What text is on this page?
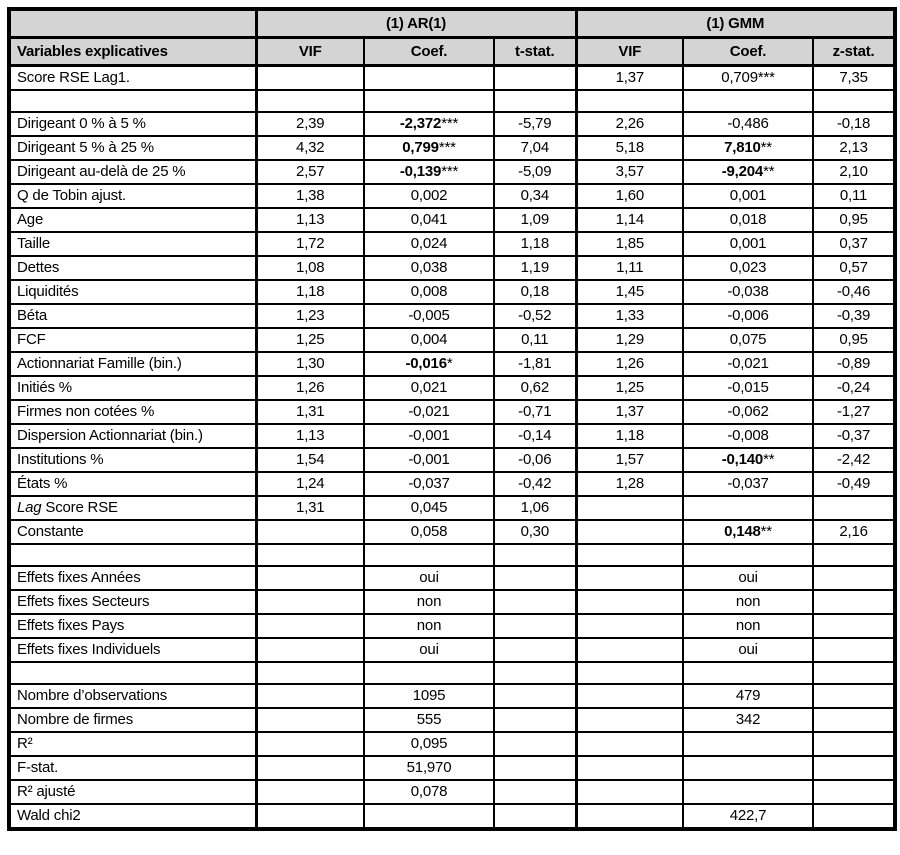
	(1) AR(1)			(1) GMM		
Variables explicatives	VIF	Coef.	t-stat.	VIF	Coef.	z-stat.
Score RSE Lag1.				1,37	0,709***	7,35

Dirigeant 0 % à 5 %	2,39	-2,372***	-5,79	2,26	-0,486	-0,18
Dirigeant 5 % à 25 %	4,32	0,799***	7,04	5,18	7,810**	2,13
Dirigeant au-delà de 25 %	2,57	-0,139***	-5,09	3,57	-9,204**	2,10
Q de Tobin ajust.	1,38	0,002	0,34	1,60	0,001	0,11
Age	1,13	0,041	1,09	1,14	0,018	0,95
Taille	1,72	0,024	1,18	1,85	0,001	0,37
Dettes	1,08	0,038	1,19	1,11	0,023	0,57
Liquidités	1,18	0,008	0,18	1,45	-0,038	-0,46
Béta	1,23	-0,005	-0,52	1,33	-0,006	-0,39
FCF	1,25	0,004	0,11	1,29	0,075	0,95
Actionnariat Famille (bin.)	1,30	-0,016*	-1,81	1,26	-0,021	-0,89
Initiés %	1,26	0,021	0,62	1,25	-0,015	-0,24
Firmes non cotées %	1,31	-0,021	-0,71	1,37	-0,062	-1,27
Dispersion Actionnariat (bin.)	1,13	-0,001	-0,14	1,18	-0,008	-0,37
Institutions %	1,54	-0,001	-0,06	1,57	-0,140**	-2,42
États %	1,24	-0,037	-0,42	1,28	-0,037	-0,49
Lag Score RSE	1,31	0,045	1,06			
Constante		0,058	0,30		0,148**	2,16

Effets fixes Années		oui			oui	
Effets fixes Secteurs		non			non	
Effets fixes Pays		non			non	
Effets fixes Individuels		oui			oui	

Nombre d’observations		1095			479	
Nombre de firmes		555			342	
R²		0,095				
F-stat.		51,970				
R² ajusté		0,078				
Wald chi2					422,7	
